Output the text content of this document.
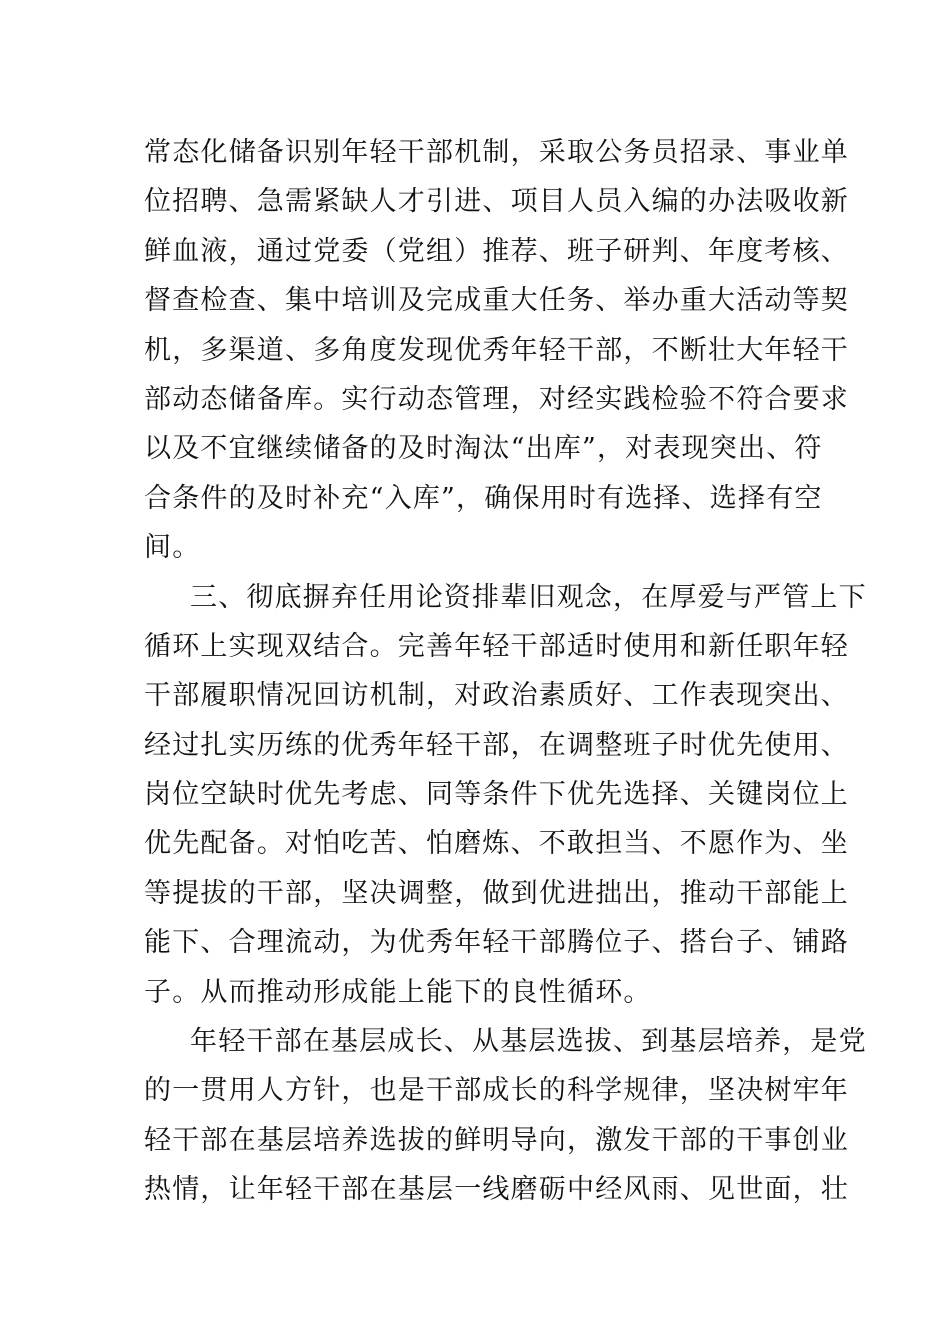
常态化储备识别年轻干部机制，采取公务员招录、事业单
位招聘、急需紧缺人才引进、项目人员入编的办法吸收新
鲜血液，通过党委（党组）推荐、班子研判、年度考核、
督查检查、集中培训及完成重大任务、举办重大活动等契
机，多渠道、多角度发现优秀年轻干部，不断壮大年轻干
部动态储备库。实行动态管理，对经实践检验不符合要求
以及不宜继续储备的及时淘汰“出库”，对表现突出、符
合条件的及时补充“入库”，确保用时有选择、选择有空
间。
三、彻底摒弃任用论资排辈旧观念，在厚爱与严管上下
循环上实现双结合。完善年轻干部适时使用和新任职年轻
干部履职情况回访机制，对政治素质好、工作表现突出、
经过扎实历练的优秀年轻干部，在调整班子时优先使用、
岗位空缺时优先考虑、同等条件下优先选择、关键岗位上
优先配备。对怕吃苦、怕磨炼、不敢担当、不愿作为、坐
等提拔的干部，坚决调整，做到优进拙出，推动干部能上
能下、合理流动，为优秀年轻干部腾位子、搭台子、铺路
子。从而推动形成能上能下的良性循环。
年轻干部在基层成长、从基层选拔、到基层培养，是党
的一贯用人方针，也是干部成长的科学规律，坚决树牢年
轻干部在基层培养选拔的鲜明导向，激发干部的干事创业
热情，让年轻干部在基层一线磨砺中经风雨、见世面，壮
